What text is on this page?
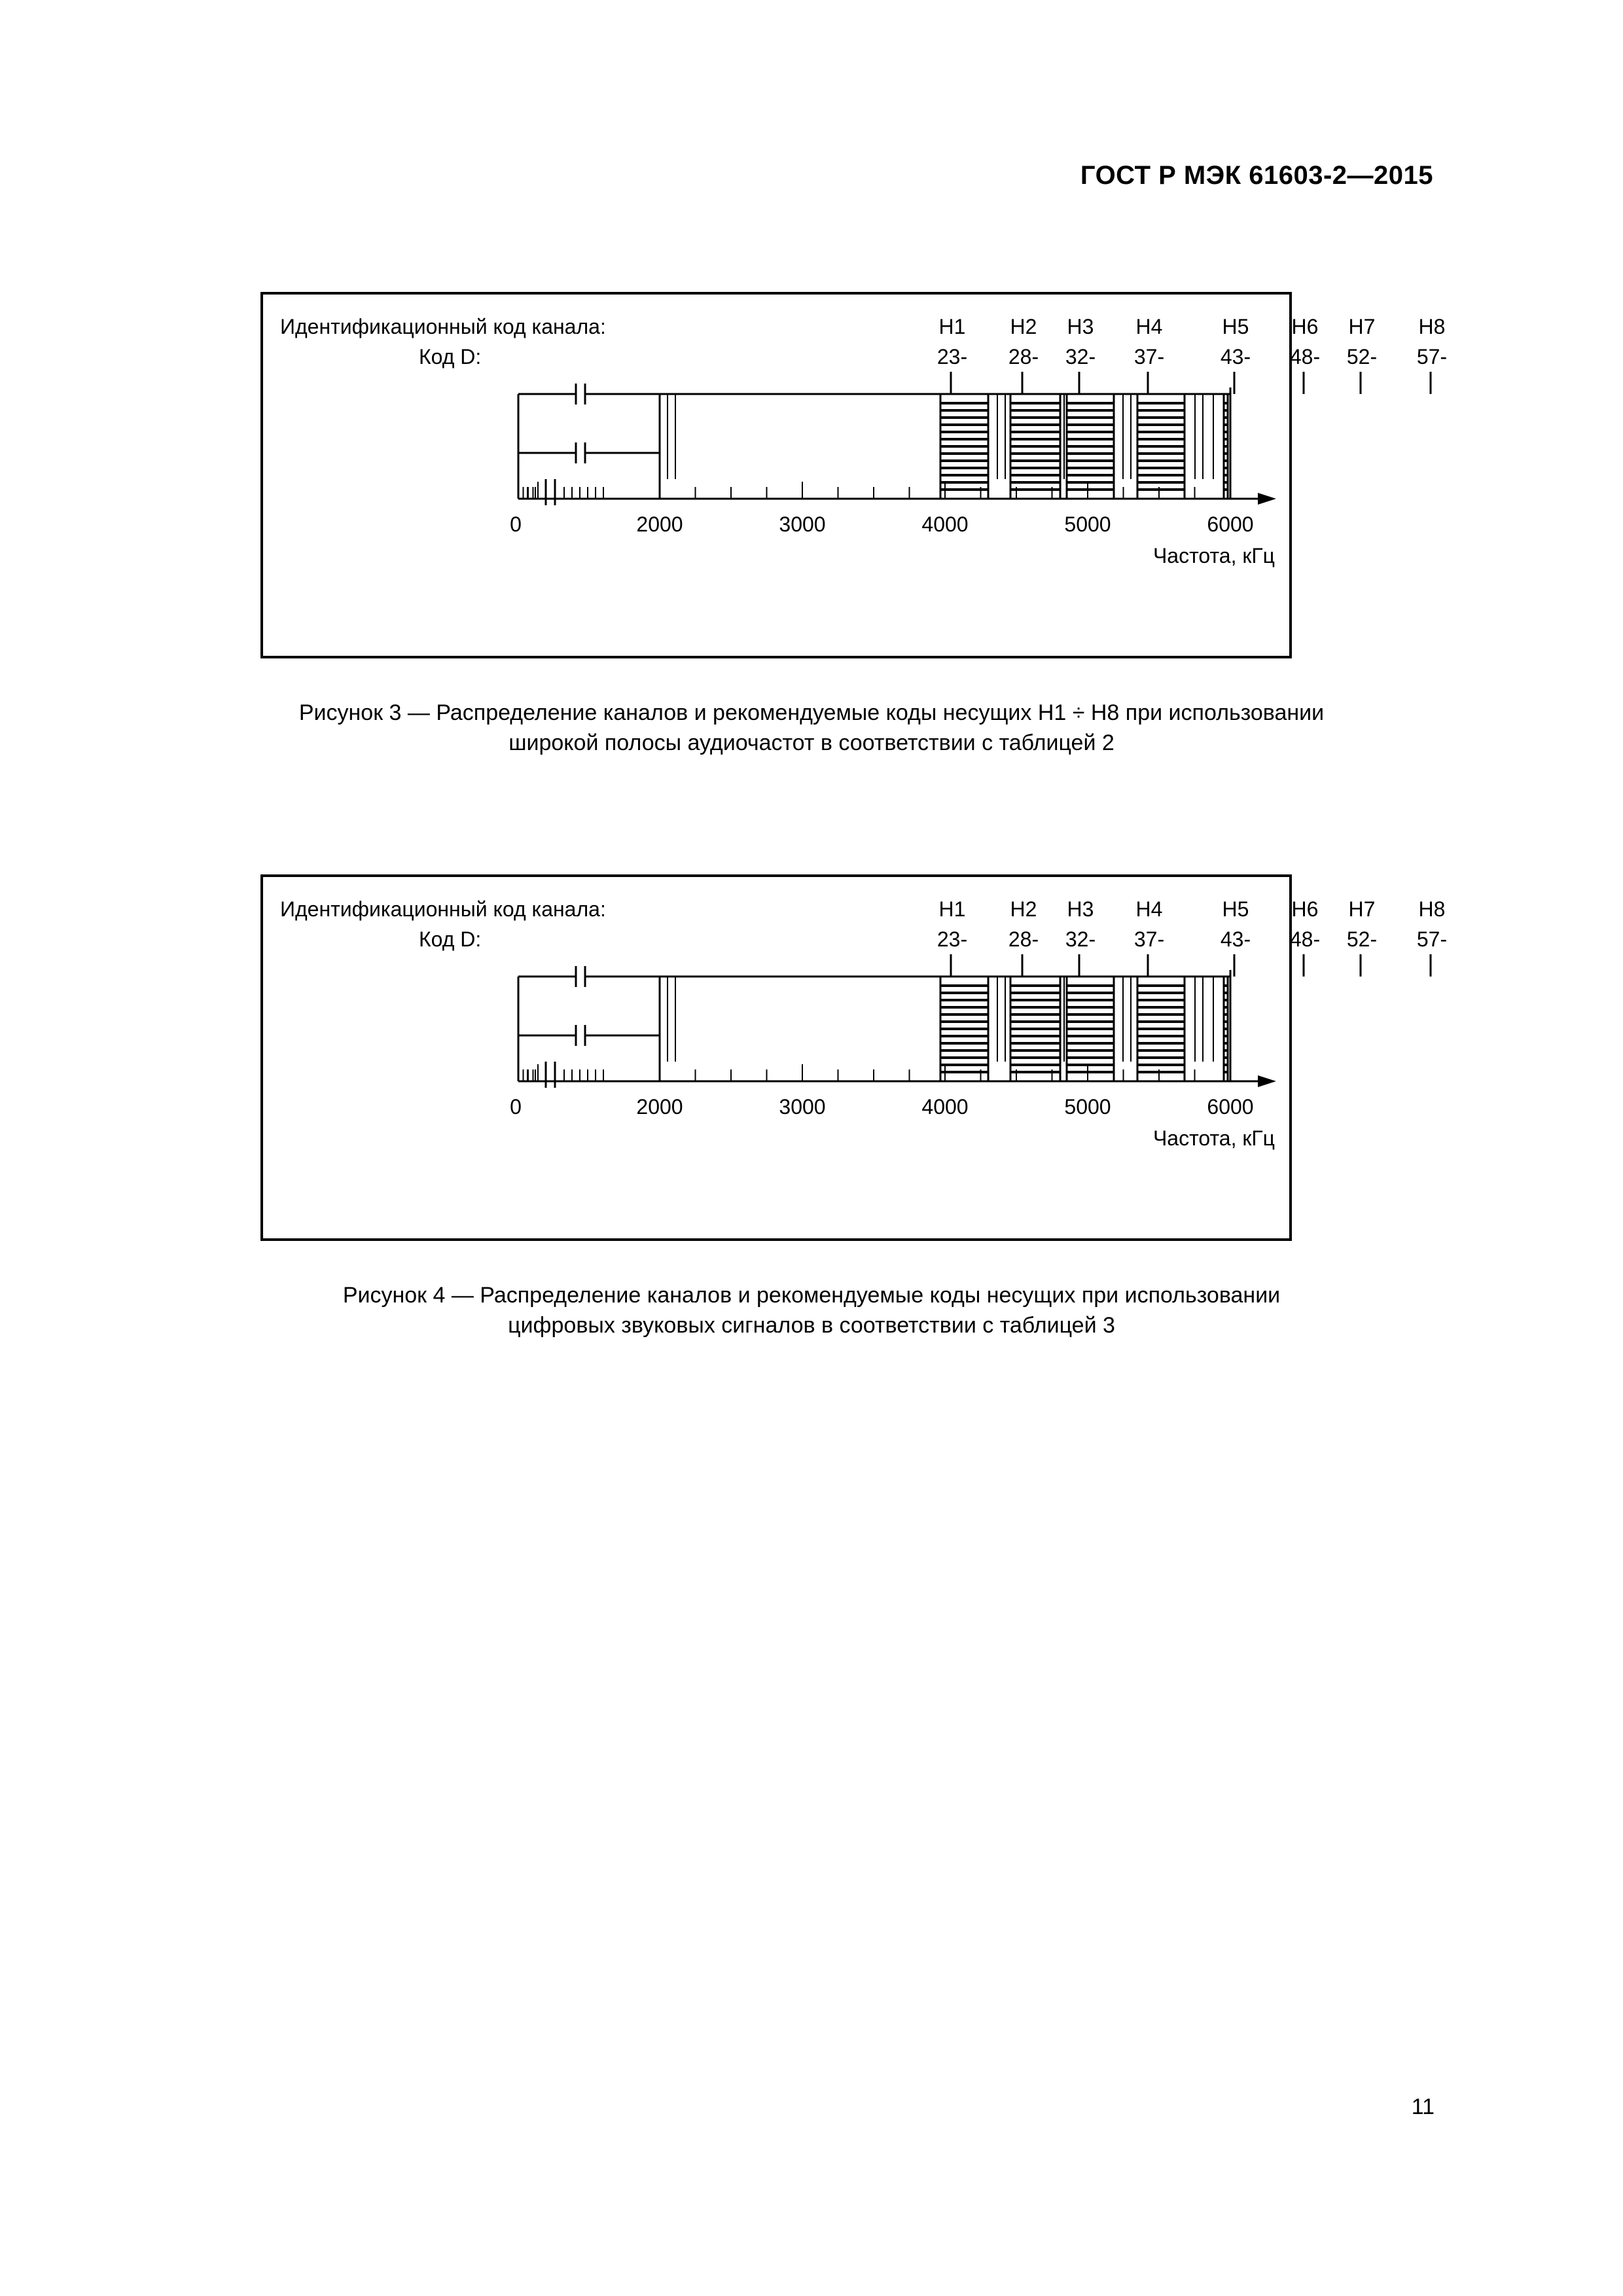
ГОСТ Р МЭК 61603-2—2015
Идентификационный код канала:
Код D:
H1
23-
H2
28-
H3
32-
H4
37-
H5
43-
H6
48-
H7
52-
H8
57-
0	2000	3000	4000	5000	6000
Частота, кГц
Рисунок 3 — Распределение каналов и рекомендуемые коды несущих H1 ÷ H8 при использовании
широкой полосы аудиочастот в соответствии с таблицей 2
Идентификационный код канала:
Код D:
H1
23-
H2
28-
H3
32-
H4
37-
H5
43-
H6
48-
H7
52-
H8
57-
0	2000	3000	4000	5000	6000
Частота, кГц
Рисунок 4 — Распределение каналов и рекомендуемые коды несущих при использовании
цифровых звуковых сигналов в соответствии с таблицей 3
11
